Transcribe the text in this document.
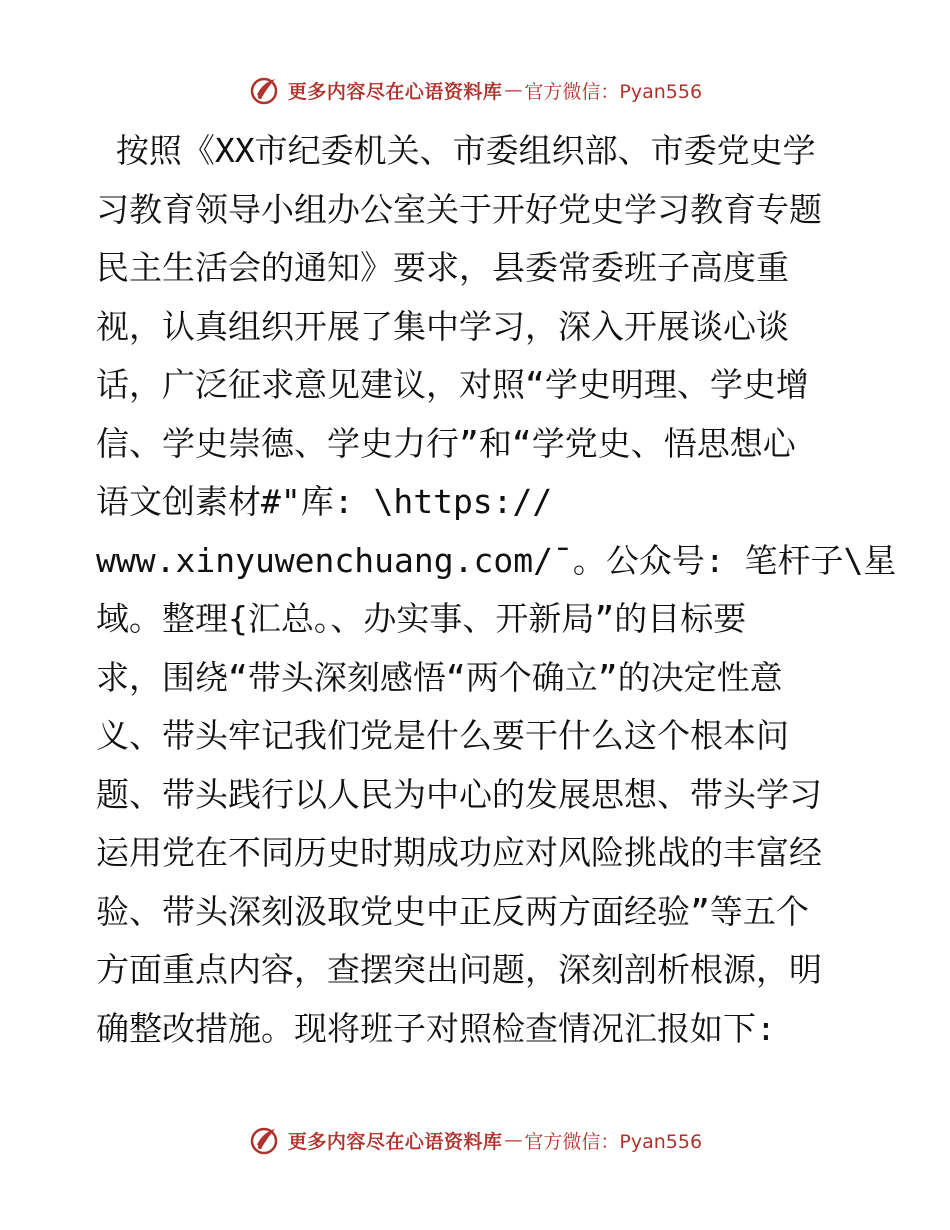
更多内容尽在心语资料库 — 官方微信：Pyan556
按照《XX市纪委机关、市委组织部、市委党史学
习教育领导小组办公室关于开好党史学习教育专题
民主生活会的通知》要求，县委常委班子高度重
视，认真组织开展了集中学习，深入开展谈心谈
话，广泛征求意见建议，对照“学史明理、学史增
信、学史崇德、学史力行”和“学党史、悟思想心
语文创素材#"库: \https://
www.xinyuwenchuang.com/¯。公众号: 笔杆子\星
域。整理{汇总。、办实事、开新局”的目标要
求，围绕“带头深刻感悟“两个确立”的决定性意
义、带头牢记我们党是什么要干什么这个根本问
题、带头践行以人民为中心的发展思想、带头学习
运用党在不同历史时期成功应对风险挑战的丰富经
验、带头深刻汲取党史中正反两方面经验”等五个
方面重点内容，查摆突出问题，深刻剖析根源，明
确整改措施。现将班子对照检查情况汇报如下:
更多内容尽在心语资料库 — 官方微信：Pyan556
